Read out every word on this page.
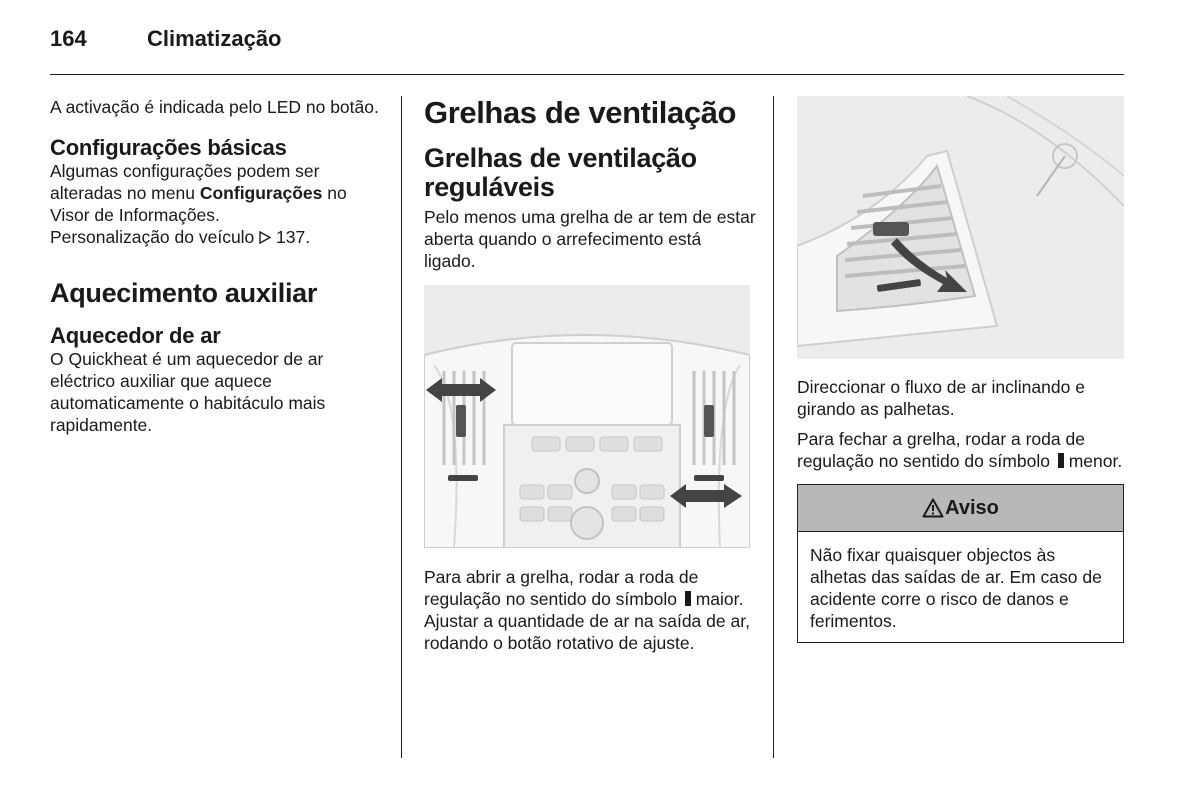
164	Climatização

A activação é indicada pelo LED no botão.

Configurações básicas

Algumas configurações podem ser alteradas no menu Configurações no Visor de Informações.

Personalização do veículo 137.

Aquecimento auxiliar
Aquecedor de ar

O Quickheat é um aquecedor de ar eléctrico auxiliar que aquece automaticamente o habitáculo mais rapidamente.

Grelhas de ventilação
Grelhas de ventilação reguláveis

Pelo menos uma grelha de ar tem de estar aberta quando o arrefecimento está ligado.

Para abrir a grelha, rodar a roda de regulação no sentido do símbolo maior. Ajustar a quantidade de ar na saída de ar, rodando o botão rotativo de ajuste.

Direccionar o fluxo de ar inclinando e girando as palhetas.

Para fechar a grelha, rodar a roda de regulação no sentido do símbolo menor.

Aviso

Não fixar quaisquer objectos às alhetas das saídas de ar. Em caso de acidente corre o risco de danos e ferimentos.
